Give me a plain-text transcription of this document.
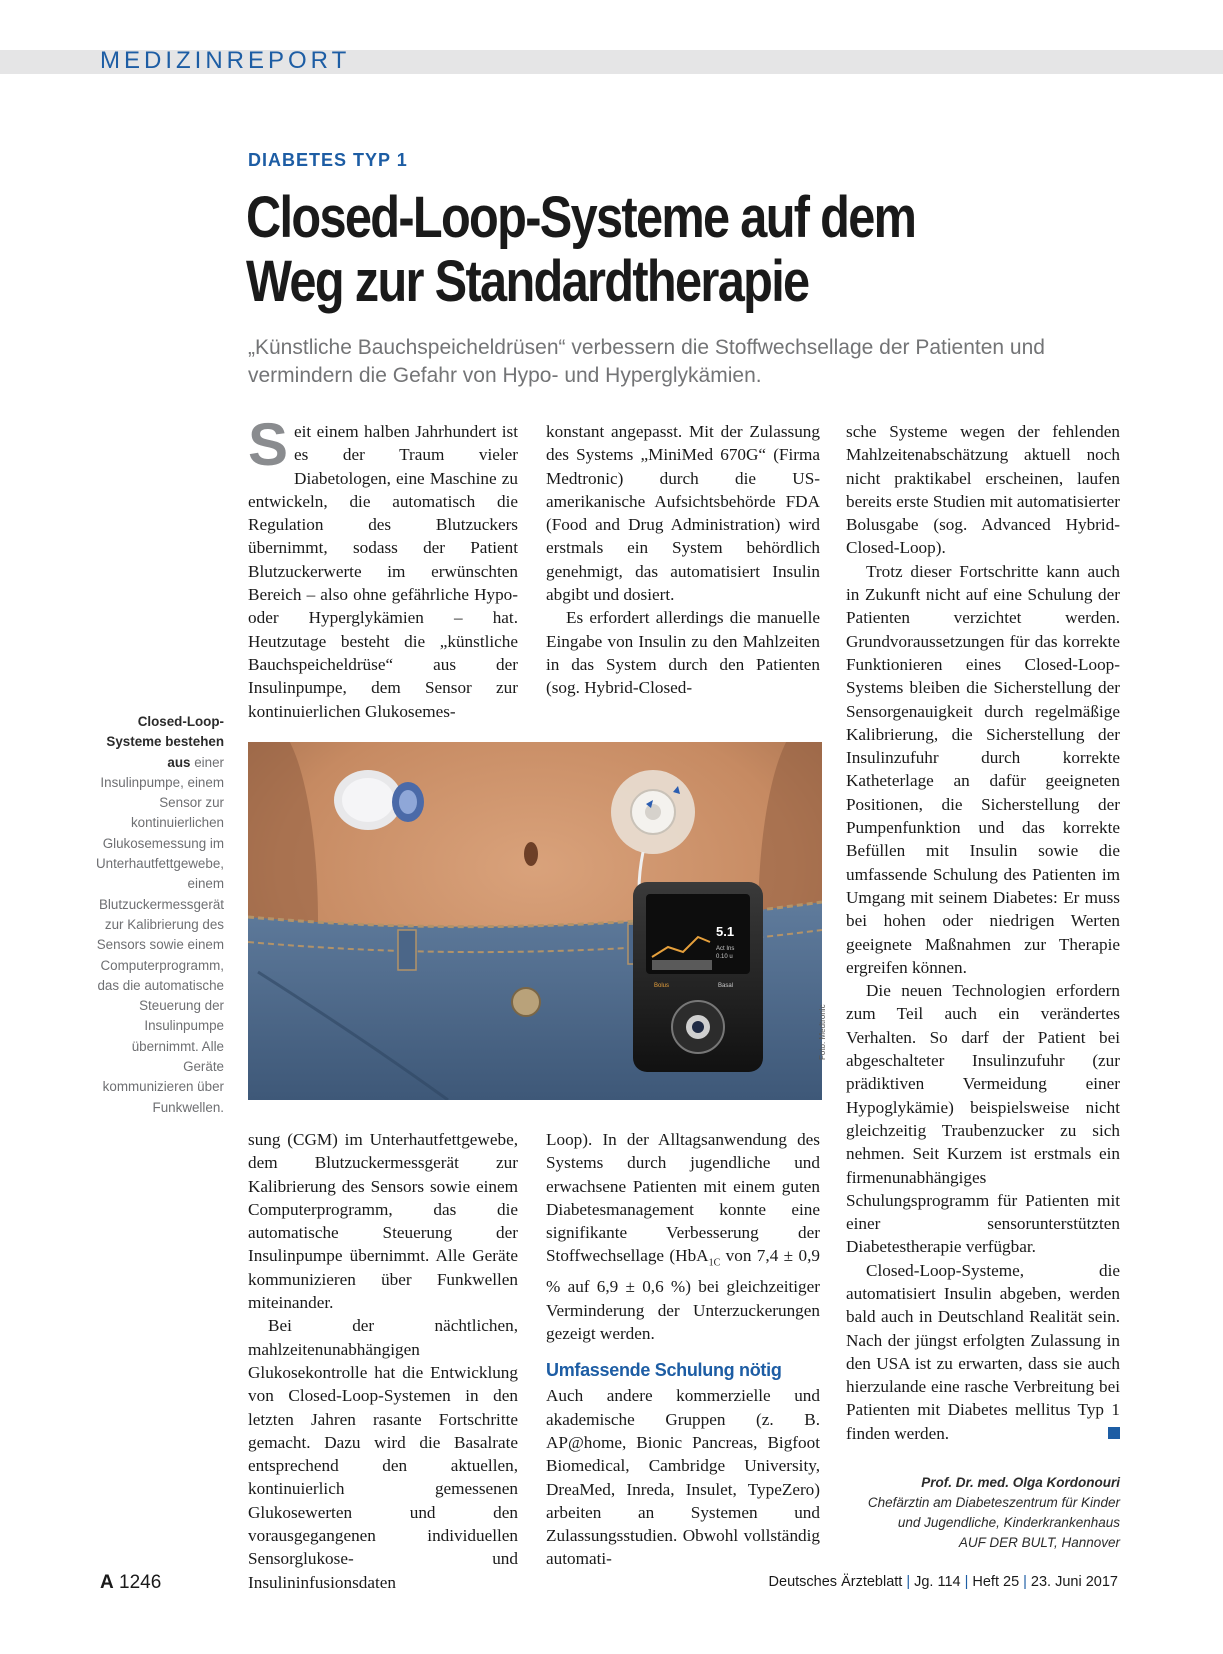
MEDIZINREPORT
DIABETES TYP 1
Closed-Loop-Systeme auf dem Weg zur Standardtherapie
„Künstliche Bauchspeicheldrüsen“ verbessern die Stoffwechsellage der Patienten und vermindern die Gefahr von Hypo- und Hyperglykämien.

Seit einem halben Jahrhundert ist es der Traum vieler Diabetologen, eine Maschine zu entwickeln, die automatisch die Regulation des Blutzuckers übernimmt, sodass der Patient Blutzuckerwerte im erwünschten Bereich – also ohne gefährliche Hypo- oder Hyperglykämien – hat. Heutzutage besteht die „künstliche Bauchspeicheldrüse“ aus der Insulinpumpe, dem Sensor zur kontinuierlichen Glukosemes-

konstant angepasst. Mit der Zulassung des Systems „MiniMed 670G“ (Firma Medtronic) durch die US-amerikanische Aufsichtsbehörde FDA (Food and Drug Administration) wird erstmals ein System behördlich genehmigt, das automatisiert Insulin abgibt und dosiert.

Es erfordert allerdings die manuelle Eingabe von Insulin zu den Mahlzeiten in das System durch den Patienten (sog. Hybrid-Closed-

Closed-Loop-Systeme bestehen aus einer Insulinpumpe, einem Sensor zur kontinuierlichen Glukosemessung im Unterhautfettgewebe, einem Blutzuckermessgerät zur Kalibrierung des Sensors sowie einem Computerprogramm, das die automatische Steuerung der Insulinpumpe übernimmt. Alle Geräte kommunizieren über Funkwellen.
5.1
Act Ins
0.10 u
Bolus	Basal
Foto: Medtronic

sung (CGM) im Unterhautfettgewebe, dem Blutzuckermessgerät zur Kalibrierung des Sensors sowie einem Computerprogramm, das die automatische Steuerung der Insulinpumpe übernimmt. Alle Geräte kommunizieren über Funkwellen miteinander.

Bei der nächtlichen, mahlzeitenunabhängigen Glukosekontrolle hat die Entwicklung von Closed-Loop-Systemen in den letzten Jahren rasante Fortschritte gemacht. Dazu wird die Basalrate entsprechend den aktuellen, kontinuierlich gemessenen Glukosewerten und den vorausgegangenen individuellen Sensorglukose- und Insulininfusionsdaten

Loop). In der Alltagsanwendung des Systems durch jugendliche und erwachsene Patienten mit einem guten Diabetesmanagement konnte eine signifikante Verbesserung der Stoffwechsellage (HbA$_{1C}$ von 7,4 ± 0,9 % auf 6,9 ± 0,6 %) bei gleichzeitiger Verminderung der Unterzuckerungen gezeigt werden.

Umfassende Schulung nötig

Auch andere kommerzielle und akademische Gruppen (z. B. AP@home, Bionic Pancreas, Bigfoot Biomedical, Cambridge University, DreaMed, Inreda, Insulet, TypeZero) arbeiten an Systemen und Zulassungsstudien. Obwohl vollständig automati-

sche Systeme wegen der fehlenden Mahlzeitenabschätzung aktuell noch nicht praktikabel erscheinen, laufen bereits erste Studien mit automatisierter Bolusgabe (sog. Advanced Hybrid-Closed-Loop).

Trotz dieser Fortschritte kann auch in Zukunft nicht auf eine Schulung der Patienten verzichtet werden. Grundvoraussetzungen für das korrekte Funktionieren eines Closed-Loop-Systems bleiben die Sicherstellung der Sensorgenauigkeit durch regelmäßige Kalibrierung, die Sicherstellung der Insulinzufuhr durch korrekte Katheterlage an dafür geeigneten Positionen, die Sicherstellung der Pumpenfunktion und das korrekte Befüllen mit Insulin sowie die umfassende Schulung des Patienten im Umgang mit seinem Diabetes: Er muss bei hohen oder niedrigen Werten geeignete Maßnahmen zur Therapie ergreifen können.

Die neuen Technologien erfordern zum Teil auch ein verändertes Verhalten. So darf der Patient bei abgeschalteter Insulinzufuhr (zur prädiktiven Vermeidung einer Hypoglykämie) beispielsweise nicht gleichzeitig Traubenzucker zu sich nehmen. Seit Kurzem ist erstmals ein firmenunabhängiges Schulungsprogramm für Patienten mit einer sensorunterstützten Diabetestherapie verfügbar.

Closed-Loop-Systeme, die automatisiert Insulin abgeben, werden bald auch in Deutschland Realität sein. Nach der jüngst erfolgten Zulassung in den USA ist zu erwarten, dass sie auch hierzulande eine rasche Verbreitung bei Patienten mit Diabetes mellitus Typ 1 finden werden.

Prof. Dr. med. Olga Kordonouri
Chefärztin am Diabeteszentrum für Kinder
und Jugendliche, Kinderkrankenhaus
AUF DER BULT, Hannover
A 1246	Deutsches Ärzteblatt | Jg. 114 | Heft 25 | 23. Juni 2017
